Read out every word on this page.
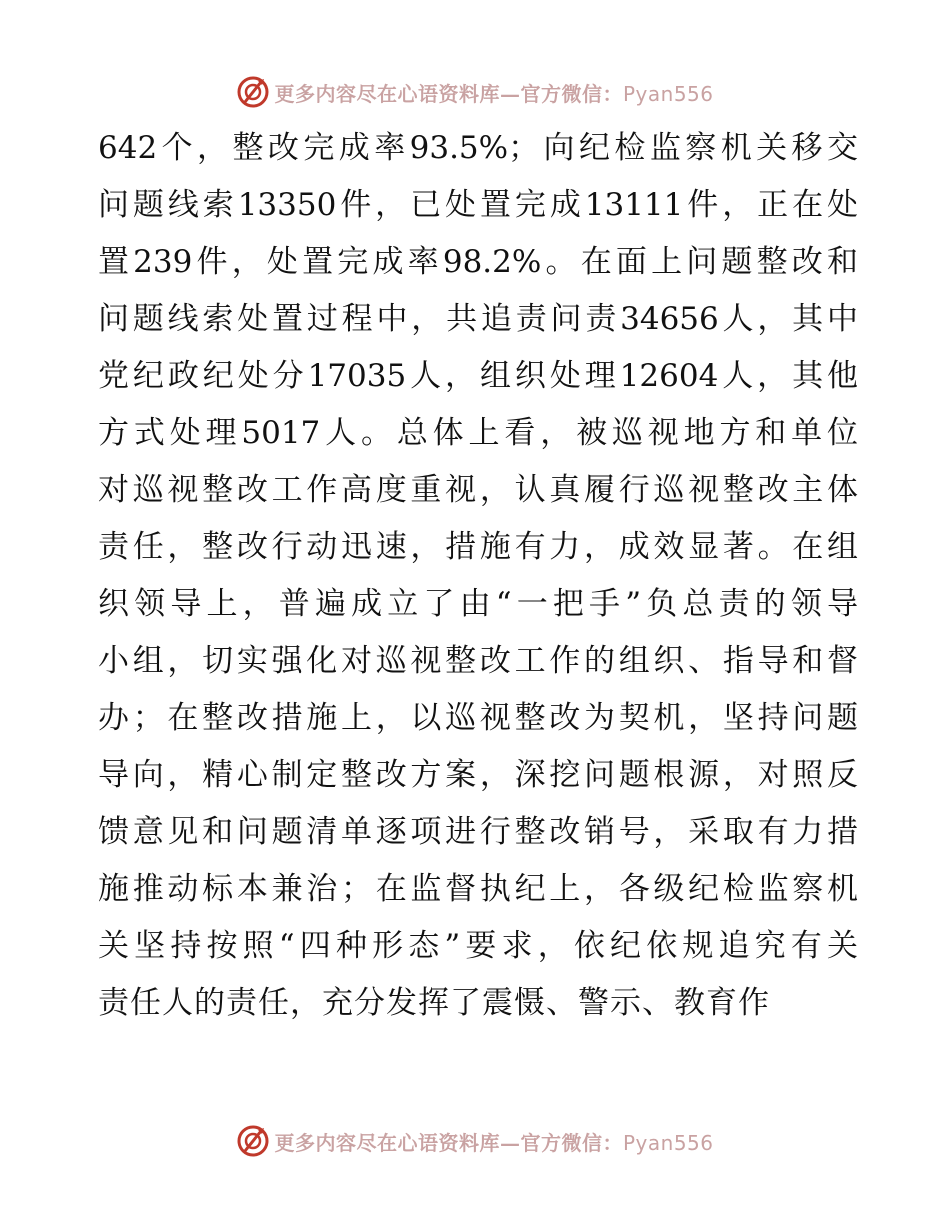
更多内容尽在心语资料库—官方微信：Pyan556
642个，整改完成率93.5%；向纪检监察机关移交
问题线索13350件，已处置完成13111件，正在处
置239件，处置完成率98.2%。在面上问题整改和
问题线索处置过程中，共追责问责34656人，其中
党纪政纪处分17035人，组织处理12604人，其他
方式处理5017人。总体上看，被巡视地方和单位
对巡视整改工作高度重视，认真履行巡视整改主体
责任，整改行动迅速，措施有力，成效显著。在组
织领导上，普遍成立了由“一把手”负总责的领导
小组，切实强化对巡视整改工作的组织、指导和督
办；在整改措施上，以巡视整改为契机，坚持问题
导向，精心制定整改方案，深挖问题根源，对照反
馈意见和问题清单逐项进行整改销号，采取有力措
施推动标本兼治；在监督执纪上，各级纪检监察机
关坚持按照“四种形态”要求，依纪依规追究有关
责任人的责任，充分发挥了震慑、警示、教育作
更多内容尽在心语资料库—官方微信：Pyan556
